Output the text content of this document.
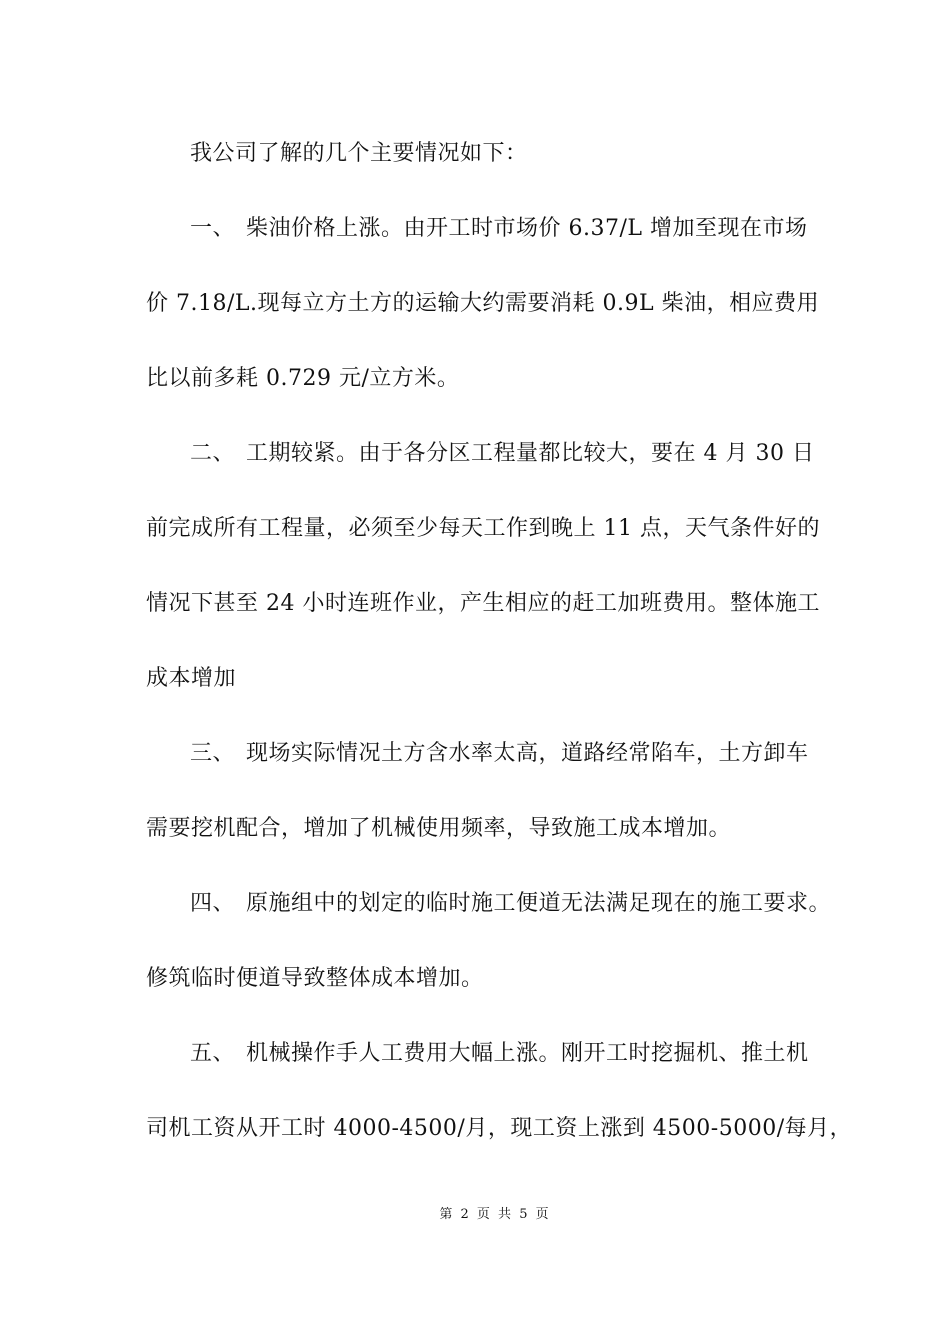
我公司了解的几个主要情况如下：
一、 柴油价格上涨。由开工时市场价 6.37/L 增加至现在市场
价 7.18/L.现每立方土方的运输大约需要消耗 0.9L 柴油，相应费用
比以前多耗 0.729 元/立方米。
二、 工期较紧。由于各分区工程量都比较大，要在 4 月 30 日
前完成所有工程量，必须至少每天工作到晚上 11 点，天气条件好的
情况下甚至 24 小时连班作业，产生相应的赶工加班费用。整体施工
成本增加
三、 现场实际情况土方含水率太高，道路经常陷车，土方卸车
需要挖机配合，增加了机械使用频率，导致施工成本增加。
四、 原施组中的划定的临时施工便道无法满足现在的施工要求。
修筑临时便道导致整体成本增加。
五、 机械操作手人工费用大幅上涨。刚开工时挖掘机、推土机
司机工资从开工时 4000-4500/月，现工资上涨到 4500-5000/每月，
第 2 页 共 5 页
